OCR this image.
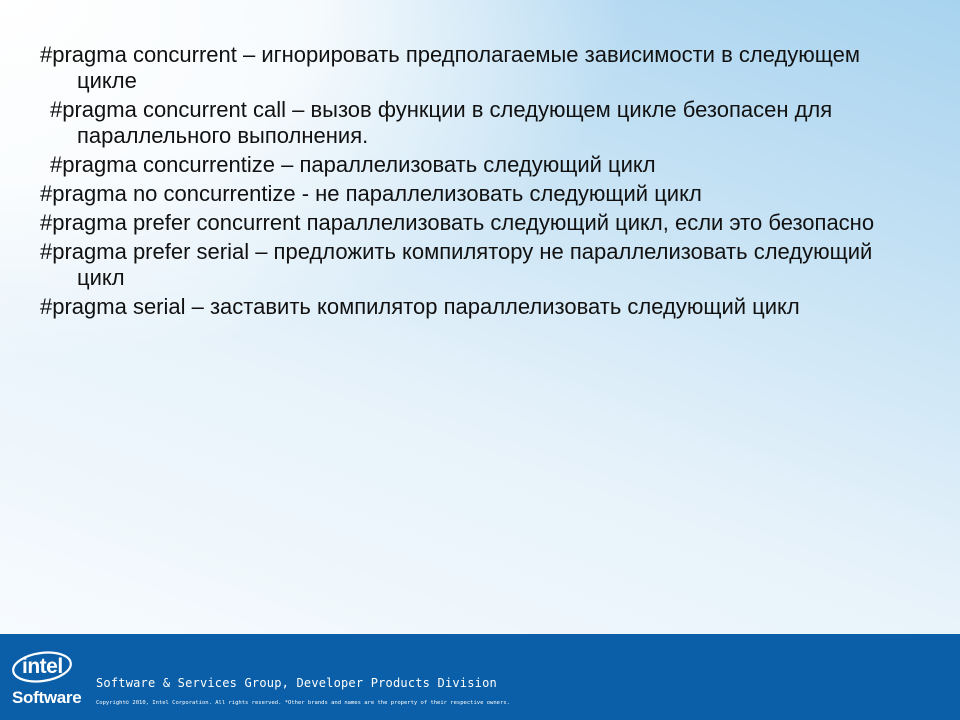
#pragma concurrent – игнорировать предполагаемые зависимости в следующем цикле
#pragma concurrent call – вызов функции в следующем цикле безопасен для параллельного выполнения.
#pragma concurrentize – параллелизовать следующий цикл
#pragma no concurrentize - не параллелизовать следующий цикл
#pragma prefer concurrent параллелизовать следующий цикл, если это безопасно
#pragma prefer serial – предложить компилятору не параллелизовать следующий цикл
#pragma serial – заставить компилятор параллелизовать следующий цикл
intel
Software
Software & Services Group, Developer Products Division
Copyright© 2010, Intel Corporation. All rights reserved. *Other brands and names are the property of their respective owners.
